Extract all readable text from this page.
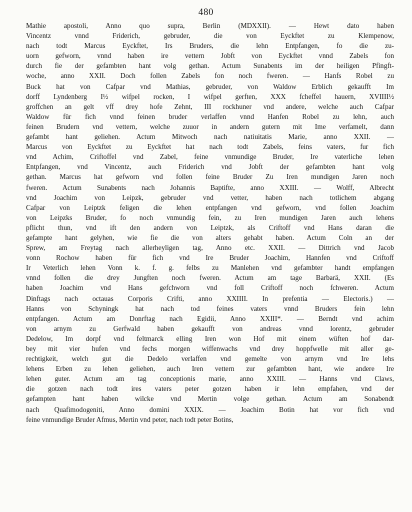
480
Mathie apostoli, Anno quo supra, Berlin (MDXXII). — Hewt dato haben
Vincentz vnnd Friderich, gebruder, die von Eyckftet zu Klempenow,
nach todt Marcus Eyckftet, Irs Bruders, die lehn Entpfangen, fo die zu-
uorn gefworn, vnnd haben ire vettern Jobft von Eyckftet vnnd Zabels fon
durch fie der gefambten hant volg gethan. Actum Sunabents im der heiligen Pfingft-
woche, anno XXII. Doch follen Zabels fon noch fweren. — Hanfs Robel zu
Buck hat von Cafpar vnd Mathias, gebruder, von Waldow Erblich gekaufft Im
dorff Lyndenberg I½ wifpel rocken, I wifpel gerften, XXX fcheffel hauern, XVIIII½
groffchen an gelt vff drey hofe Zehnt, III rockhuner vnd andere, welche auch Cafpar
Waldow für fich vnnd feinen bruder verlaffen vnnd Hanfen Robel zu lehn, auch
feinen Brudern vnd vettern, welche zuuor in andern gutern mit Ime verfamelt, dann
gefambt hant geliehen. Actum Mitwoch nach natiuitatis Marie, anno XXII. —
Marcus von Eyckftet zu Eyckftet hat nach todt Zabels, feins vaters, fur fich
vnd Achim, Criftoffel vnd Zabel, feine vnmundige Bruder, Ire vaterliche lehen
Entpfangen, vnd Vincentz, auch Friderich vnd Jobft der gefambten hant volg
gethan. Marcus hat gefworn vnd follen feine Bruder Zu Iren mundigen Jaren noch
fweren. Actum Sunabents nach Johannis Baptifte, anno XXIII. — Wolff, Albrecht
vnd Joachim von Leipzk, gebruder vnd vetter, haben nach totlichem abgang
Cafpar von Leiptzk feligen die lehen entpfangen vnd gefworn, vnd follen Joachim
von Leipzks Bruder, fo noch vnmundig fein, zu Iren mundigen Jaren auch lehens
pflicht thun, vnd ift den andern von Leiptzk, als Criftoff vnd Hans daran die
gefampte hant gelyhen, wie fie die von alters gehabt haben. Actum Coln an der
Sprew, am Freytag nach allerheyligen tag, Anno etc. XXII. — Dittrich vnd Jacob
vonn Rochow haben für fich vnd Ire Bruder Joachim, Hannfen vnd Criftoff
Ir Veterlich lehen Vonn k. f. g. felbs zu Manlehen vnd gefambter handt empfangen
vnnd follen die drey Jungften noch fweren. Actum am tage Barbarä, XXII. (Es
haben Joachim vnd Hans gefchworn vnd foll Criftoff noch fchweren. Actum
Dinftags nach octauas Corporis Crifti, anno XXIIII. In prefentia — Electoris.) —
Hanns von Schyningk hat nach tod feines vaters vnnd Bruders fein lehn
entpfangen. Actum am Donrftag nach Egidii, Anno XXIII*. — Berndt vnd achim
von arnym zu Gerfwald haben gekaufft von andreas vnnd lorentz, gebruder
Dedelow, Im dorpf vnd feltmarck elling Iren won Hof mit einem wüften hof dar-
bey mit vier hufen vnd fechs morgen wiffenwachs vnd drey hoppfwelle mit aller ge-
rechtigkeit, welch gut die Dedelo verlaffen vnd gemelte von arnym vnd Ire lehs
lehens Erben zu lehen geliehen, auch Iren vettern zur gefambten hant, wie andere Ire
lehen guter. Actum am tag conceptionis marie, anno XXIII. — Hanns vnd Claws,
die gotzen nach todt ires vaters peter gotzen haben ir lehn empfahen, vnd der
gefampten hant haben wilcke vnd Mertin volge gethan. Actum am Sonabendt
nach Quafimodogeniti, Anno domini XXIX. — Joachim Botin hat vor fich vnd
feine vnmundige Bruder Afmus, Mertin vnd peter, nach todt peter Botins,
